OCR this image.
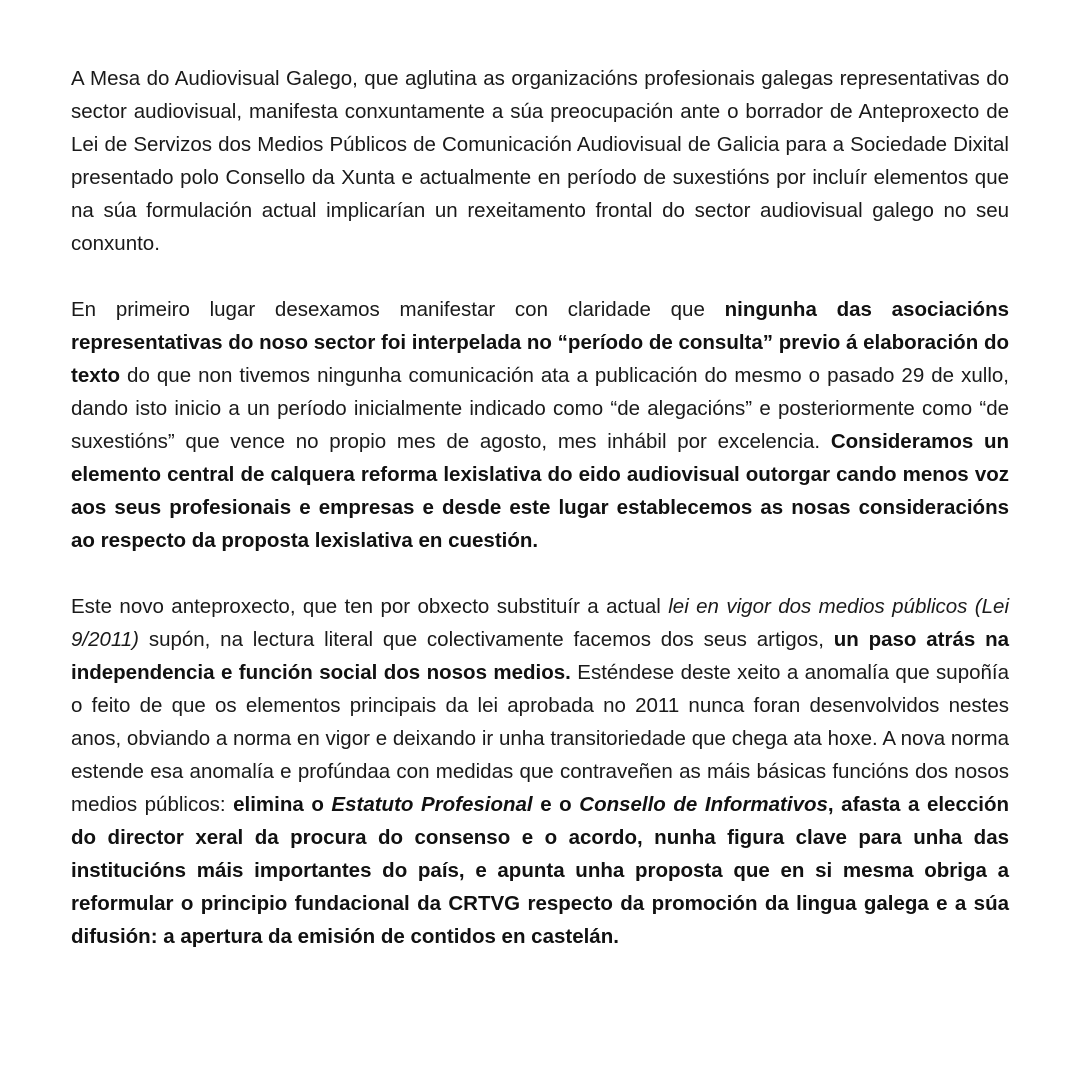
A Mesa do Audiovisual Galego, que aglutina as organizacións profesionais galegas representativas do sector audiovisual, manifesta conxuntamente a súa preocupación ante o borrador de Anteproxecto de Lei de Servizos dos Medios Públicos de Comunicación Audiovisual de Galicia para a Sociedade Dixital presentado polo Consello da Xunta e actualmente en período de suxestións por incluír elementos que na súa formulación actual implicarían un rexeitamento frontal do sector audiovisual galego no seu conxunto.

En primeiro lugar desexamos manifestar con claridade que ningunha das asociacións representativas do noso sector foi interpelada no “período de consulta” previo á elaboración do texto do que non tivemos ningunha comunicación ata a publicación do mesmo o pasado 29 de xullo, dando isto inicio a un período inicialmente indicado como “de alegacións” e posteriormente como “de suxestións” que vence no propio mes de agosto, mes inhábil por excelencia. Consideramos un elemento central de calquera reforma lexislativa do eido audiovisual outorgar cando menos voz aos seus profesionais e empresas e desde este lugar establecemos as nosas consideracións ao respecto da proposta lexislativa en cuestión.

Este novo anteproxecto, que ten por obxecto substituír a actual lei en vigor dos medios públicos (Lei 9/2011) supón, na lectura literal que colectivamente facemos dos seus artigos, un paso atrás na independencia e función social dos nosos medios. Esténdese deste xeito a anomalía que supoñía o feito de que os elementos principais da lei aprobada no 2011 nunca foran desenvolvidos nestes anos, obviando a norma en vigor e deixando ir unha transitoriedade que chega ata hoxe. A nova norma estende esa anomalía e profúndaa con medidas que contraveñen as máis básicas funcións dos nosos medios públicos: elimina o Estatuto Profesional e o Consello de Informativos, afasta a elección do director xeral da procura do consenso e o acordo, nunha figura clave para unha das institucións máis importantes do país, e apunta unha proposta que en si mesma obriga a reformular o principio fundacional da CRTVG respecto da promoción da lingua galega e a súa difusión: a apertura da emisión de contidos en castelán.
